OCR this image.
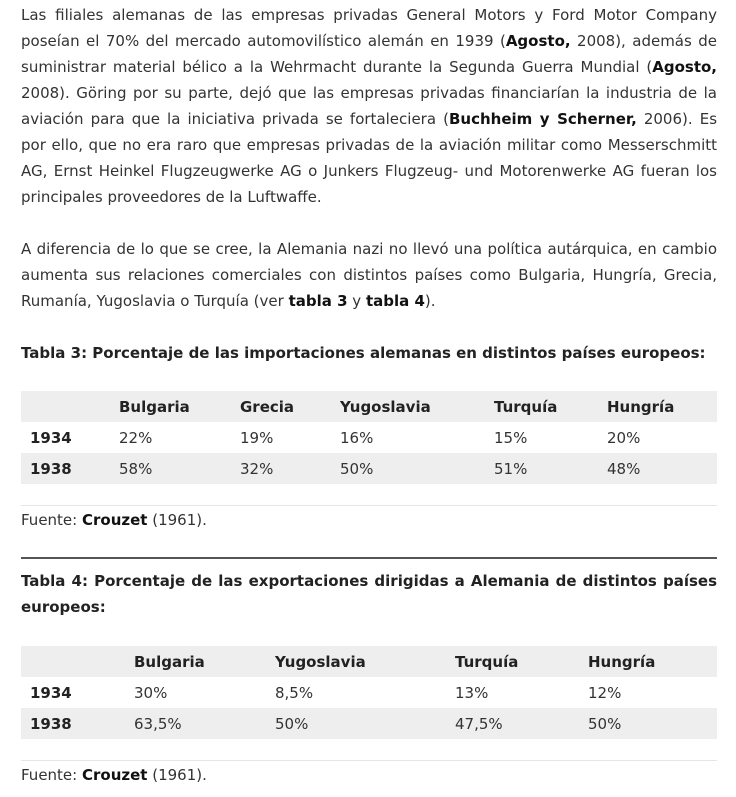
Las filiales alemanas de las empresas privadas General Motors y Ford Motor Company poseían el 70% del mercado automovilístico alemán en 1939 (Agosto, 2008), además de suministrar material bélico a la Wehrmacht durante la Segunda Guerra Mundial (Agosto, 2008). Göring por su parte, dejó que las empresas privadas financiarían la industria de la aviación para que la iniciativa privada se fortaleciera (Buchheim y Scherner, 2006). Es por ello, que no era raro que empresas privadas de la aviación militar como Messerschmitt AG, Ernst Heinkel Flugzeugwerke AG o Junkers Flugzeug- und Motorenwerke AG fueran los principales proveedores de la Luftwaffe.

A diferencia de lo que se cree, la Alemania nazi no llevó una política autárquica, en cambio aumenta sus relaciones comerciales con distintos países como Bulgaria, Hungría, Grecia, Rumanía, Yugoslavia o Turquía (ver tabla 3 y tabla 4).

Tabla 3: Porcentaje de las importaciones alemanas en distintos países europeos:
	Bulgaria	Grecia	Yugoslavia	Turquía	Hungría
1934	22%	19%	16%	15%	20%
1938	58%	32%	50%	51%	48%
Fuente: Crouzet (1961).
Tabla 4: Porcentaje de las exportaciones dirigidas a Alemania de distintos países europeos:
	Bulgaria	Yugoslavia	Turquía	Hungría
1934	30%	8,5%	13%	12%
1938	63,5%	50%	47,5%	50%
Fuente: Crouzet (1961).
